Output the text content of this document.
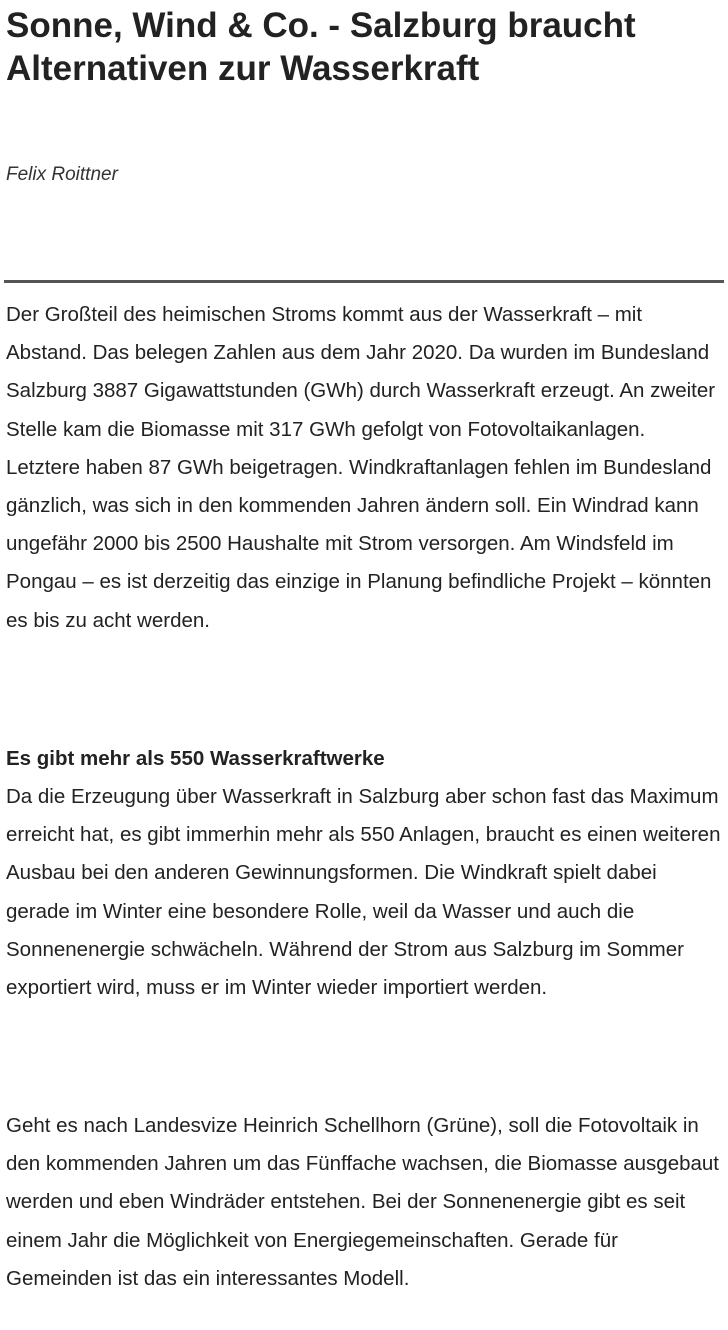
Sonne, Wind & Co. - Salzburg braucht Alternativen zur Wasserkraft

Felix Roittner

Der Großteil des heimischen Stroms kommt aus der Wasserkraft – mit Abstand. Das belegen Zahlen aus dem Jahr 2020. Da wurden im Bundesland Salzburg 3887 Gigawattstunden (GWh) durch Wasserkraft erzeugt. An zweiter Stelle kam die Biomasse mit 317 GWh gefolgt von Fotovoltaikanlagen. Letztere haben 87 GWh beigetragen. Windkraftanlagen fehlen im Bundesland gänzlich, was sich in den kommenden Jahren ändern soll. Ein Windrad kann ungefähr 2000 bis 2500 Haushalte mit Strom versorgen. Am Windsfeld im Pongau – es ist derzeitig das einzige in Planung befindliche Projekt – könnten es bis zu acht werden.

Es gibt mehr als 550 Wasserkraftwerke

Da die Erzeugung über Wasserkraft in Salzburg aber schon fast das Maximum erreicht hat, es gibt immerhin mehr als 550 Anlagen, braucht es einen weiteren Ausbau bei den anderen Gewinnungsformen. Die Windkraft spielt dabei gerade im Winter eine besondere Rolle, weil da Wasser und auch die Sonnenenergie schwächeln. Während der Strom aus Salzburg im Sommer exportiert wird, muss er im Winter wieder importiert werden.

Geht es nach Landesvize Heinrich Schellhorn (Grüne), soll die Fotovoltaik in den kommenden Jahren um das Fünffache wachsen, die Biomasse ausgebaut werden und eben Windräder entstehen. Bei der Sonnenenergie gibt es seit einem Jahr die Möglichkeit von Energiegemeinschaften. Gerade für Gemeinden ist das ein interessantes Modell.
